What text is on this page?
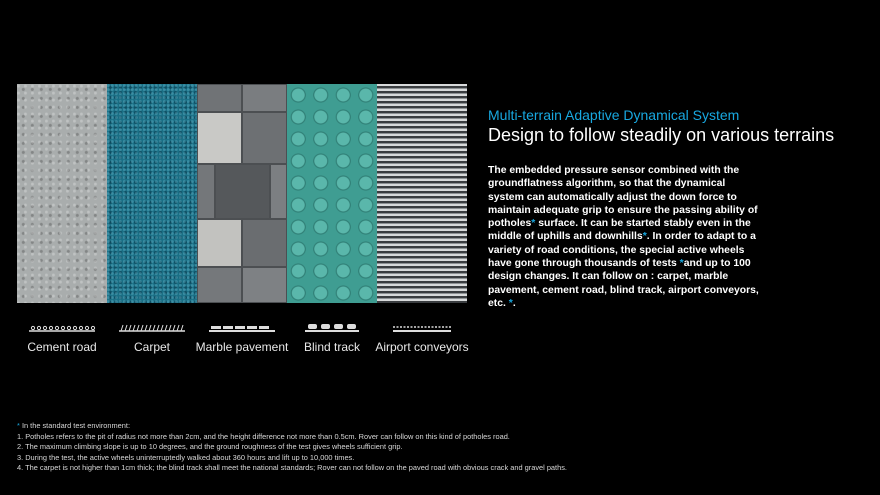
Cement road	Carpet Marble pavement Blind track Airport conveyors
Multi-terrain Adaptive Dynamical System
Design to follow steadily on various terrains
The embedded pressure sensor combined with the groundflatness algorithm, so that the dynamical system can automatically adjust the down force to maintain adequate grip to ensure the passing ability of potholes* surface. It can be started stably even in the middle of uphills and downhills*. In order to adapt to a variety of road conditions, the special active wheels have gone through thousands of tests *and up to 100 design changes. It can follow on : carpet, marble pavement, cement road, blind track, airport conveyors, etc. *.
* In the standard test environment:
1. Potholes refers to the pit of radius not more than 2cm, and the height difference not more than 0.5cm. Rover can follow on this kind of potholes road.
2. The maximum climbing slope is up to 10 degrees, and the ground roughness of the test gives wheels sufficient grip.
3. During the test, the active wheels uninterruptedly walked about 360 hours and lift up to 10,000 times.
4. The carpet is not higher than 1cm thick; the blind track shall meet the national standards; Rover can not follow on the paved road with obvious crack and gravel paths.
